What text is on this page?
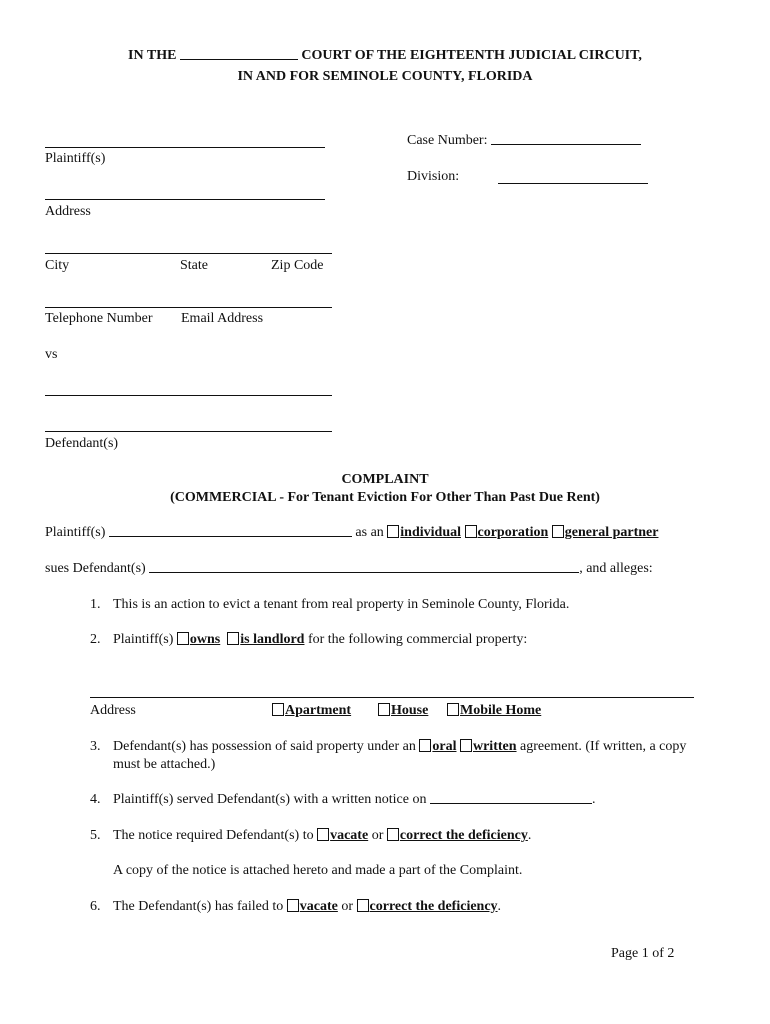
IN THE	COURT OF THE EIGHTEENTH JUDICIAL CIRCUIT,
IN AND FOR SEMINOLE COUNTY, FLORIDA
Plaintiff(s)
Address
City	State	Zip Code
Telephone Number Email Address
vs
Defendant(s)
Case Number:
Division:
COMPLAINT
(COMMERCIAL - For Tenant Eviction For Other Than Past Due Rent)
Plaintiff(s)	as an individual corporation general partner
sues Defendant(s)	, and alleges:
1. This is an action to evict a tenant from real property in Seminole County, Florida.
2. Plaintiff(s) owns is landlord for the following commercial property:
Address	Apartment	House	Mobile Home
3. Defendant(s) has possession of said property under an oral written agreement. (If written, a copy
must be attached.)
4. Plaintiff(s) served Defendant(s) with a written notice on	.
5. The notice required Defendant(s) to vacate or correct the deficiency.
A copy of the notice is attached hereto and made a part of the Complaint.
6. The Defendant(s) has failed to vacate or correct the deficiency.
Page 1 of 2
